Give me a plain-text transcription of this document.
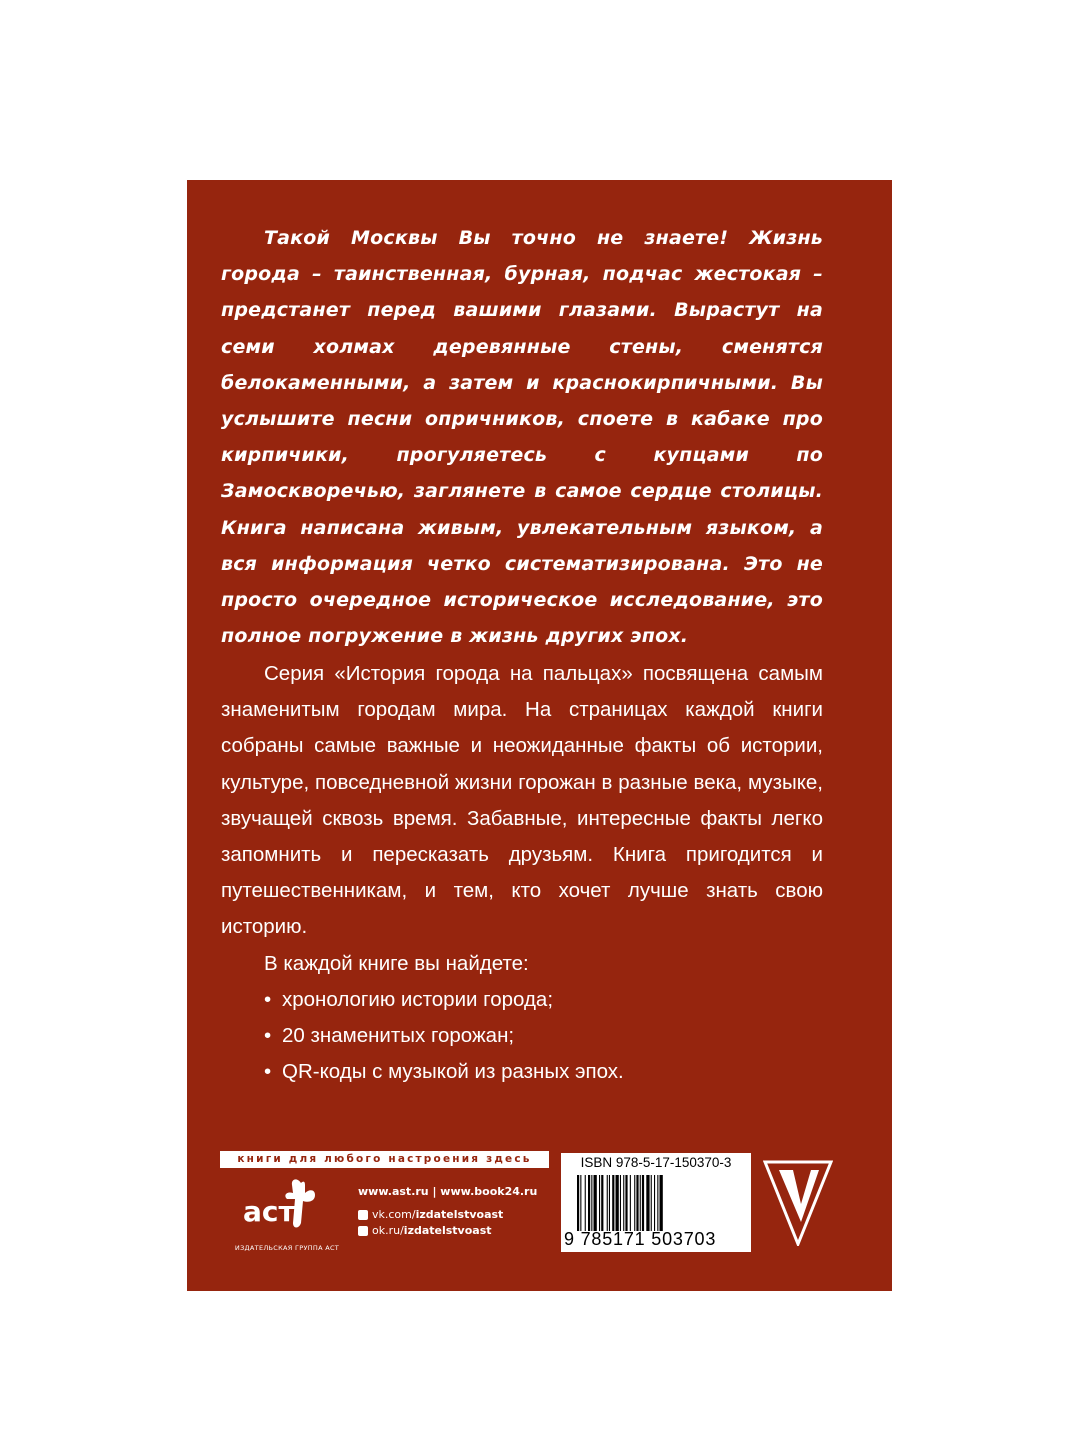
Такой Москвы Вы точно не знаете! Жизнь города – таинственная, бурная, подчас жестокая – предстанет перед вашими глазами. Вырастут на семи холмах деревянные стены, сменятся белокаменными, а затем и краснокирпичными. Вы услышите песни опричников, споете в кабаке про кирпичики, прогуляетесь с купцами по Замоскворечью, заглянете в самое сердце столицы. Книга написана живым, увлекательным языком, а вся информация четко систематизирована. Это не просто очередное историческое исследование, это полное погружение в жизнь других эпох.

Серия «История города на пальцах» посвящена самым знаменитым городам мира. На страницах каждой книги собраны самые важные и неожиданные факты об истории, культуре, повседневной жизни горожан в разные века, музыке, звучащей сквозь время. Забавные, интересные факты легко запомнить и пересказать друзьям. Книга пригодится и путешественникам, и тем, кто хочет лучше знать свою историю.

В каждой книге вы найдете:

• хронологию истории города;
• 20 знаменитых горожан;
• QR-коды с музыкой из разных эпох.
книги для любого настроения здесь
аст
ИЗДАТЕЛЬСКАЯ ГРУППА АСТ
www.ast.ru | www.book24.ru
vk.com/ izdatelstvoast
ok.ru/ izdatelstvoast
ISBN 978-5-17-150370-3
9 785171 503703
